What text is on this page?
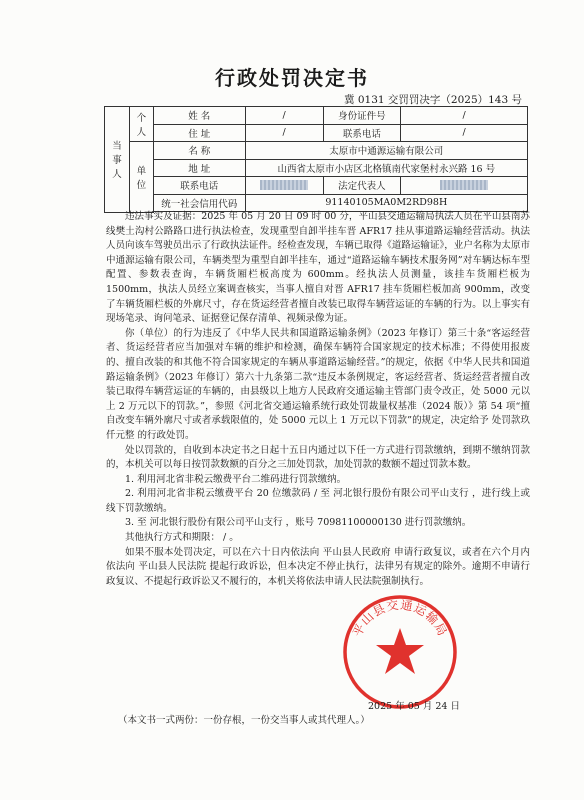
行政处罚决定书
冀 0131 交罚罚决字（2025）143 号
当事人	个人	姓 名	/	身份证件号	/
		住 址	/	联系电话	/
	单位	名 称	太原市中通源运输有限公司		
		地 址	山西省太原市小店区北格镇南代家堡村永兴路 16 号		
		联系电话		法定代表人	
		统一社会信用代码	91140105MA0M2RD98H		

违法事实及证据：2025 年 05 月 20 日 09 时 00 分，平山县交通运输局执法人员在平山县南苏线樊土沟村公路路口进行执法检查，发现重型自卸半挂车晋 AFR17 挂从事道路运输经营活动。执法人员向该车驾驶员出示了行政执法证件。经检查发现，车辆已取得《道路运输证》，业户名称为太原市中通源运输有限公司，车辆类型为重型自卸半挂车，通过“道路运输车辆技术服务网”对车辆达标车型配置、参数表查询，车辆货厢栏板高度为 600mm。经执法人员测量，该挂车货厢栏板为 1500mm，执法人员经立案调查核实，当事人擅自对晋 AFR17 挂车货厢栏板加高 900mm，改变了车辆货厢栏板的外廓尺寸，存在货运经营者擅自改装已取得车辆营运证的车辆的行为。以上事实有现场笔录、询问笔录、证据登记保存清单、视频录像为证。

你（单位）的行为违反了《中华人民共和国道路运输条例》（2023 年修订）第三十条“客运经营者、货运经营者应当加强对车辆的维护和检测，确保车辆符合国家规定的技术标准；不得使用报废的、擅自改装的和其他不符合国家规定的车辆从事道路运输经营。”的规定，依据《中华人民共和国道路运输条例》（2023 年修订）第六十九条第二款“违反本条例规定，客运经营者、货运经营者擅自改装已取得车辆营运证的车辆的，由县级以上地方人民政府交通运输主管部门责令改正，处 5000 元以上 2 万元以下的罚款。”，参照《河北省交通运输系统行政处罚裁量权基准（2024 版）》第 54 项“擅自改变车辆外廓尺寸或者承载限值的，处 5000 元以上 1 万元以下罚款”的规定，决定给予 处罚款玖仟元整 的行政处罚。

处以罚款的，自收到本决定书之日起十五日内通过以下任一方式进行罚款缴纳，到期不缴纳罚款的，本机关可以每日按罚款数额的百分之三加处罚款，加处罚款的数额不超过罚款本数。

1. 利用河北省非税云缴费平台二维码进行罚款缴纳。

2. 利用河北省非税云缴费平台 20 位缴款码 / 至 河北银行股份有限公司平山支行 ，进行线上或线下罚款缴纳。

3. 至 河北银行股份有限公司平山支行 ，账号 70981100000130 进行罚款缴纳。

其他执行方式和期限： / 。

如果不服本处罚决定，可以在六十日内依法向 平山县人民政府 申请行政复议，或者在六个月内依法向 平山县人民法院 提起行政诉讼，但本决定不停止执行，法律另有规定的除外。逾期不申请行政复议、不提起行政诉讼又不履行的，本机关将依法申请人民法院强制执行。

平山县交通运输局
2025 年 05 月 24 日
（本文书一式两份：一份存根，一份交当事人或其代理人。）
